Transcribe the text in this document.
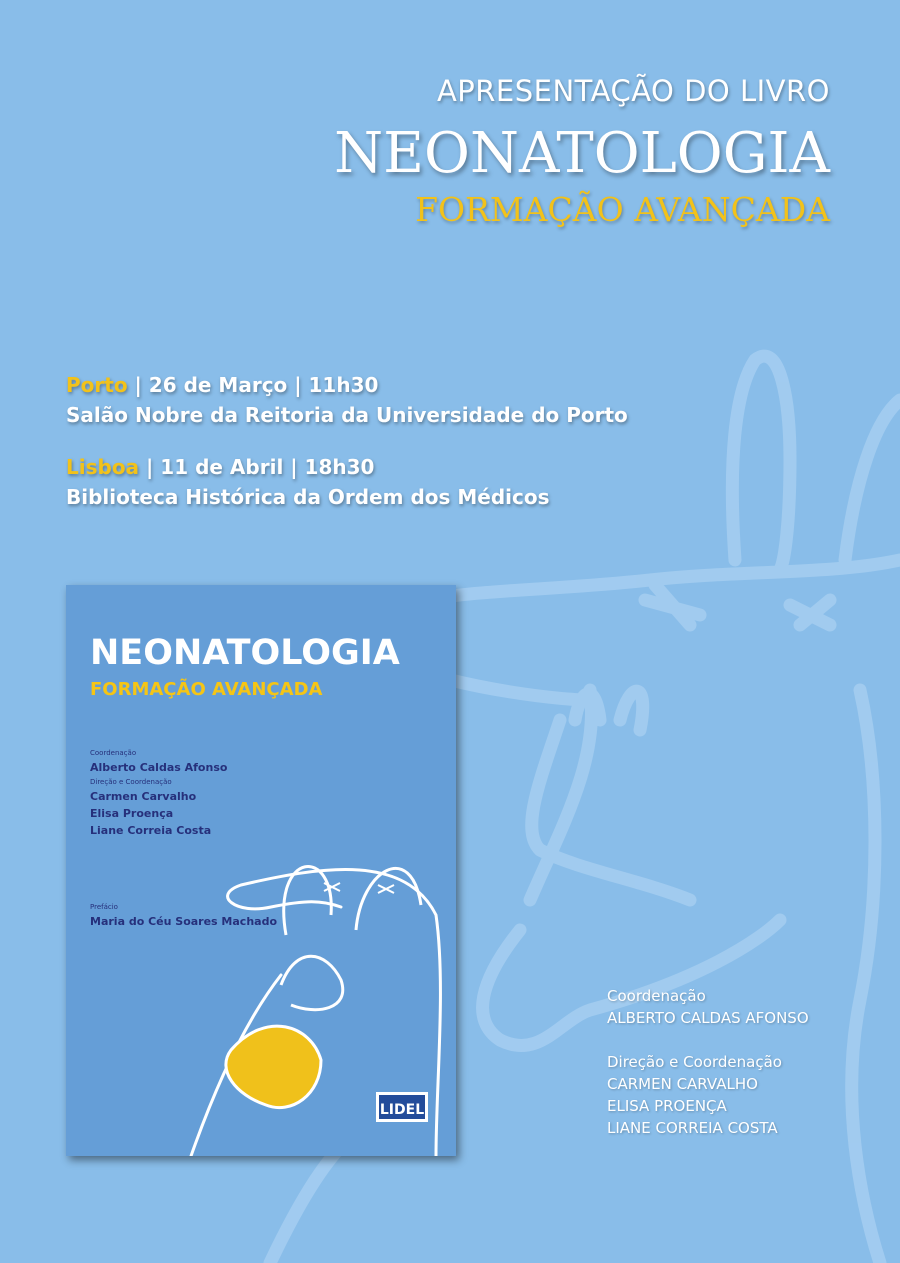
APRESENTAÇÃO DO LIVRO
NEONATOLOGIA
FORMAÇÃO AVANÇADA
Porto | 26 de Março | 11h30
Salão Nobre da Reitoria da Universidade do Porto
Lisboa | 11 de Abril | 18h30
Biblioteca Histórica da Ordem dos Médicos
NEONATOLOGIA
FORMAÇÃO AVANÇADA
Coordenação
Alberto Caldas Afonso
Direção e Coordenação
Carmen Carvalho
Elisa Proença
Liane Correia Costa
Prefácio
Maria do Céu Soares Machado
LIDEL
Coordenação
ALBERTO CALDAS AFONSO
Direção e Coordenação
CARMEN CARVALHO
ELISA PROENÇA
LIANE CORREIA COSTA
